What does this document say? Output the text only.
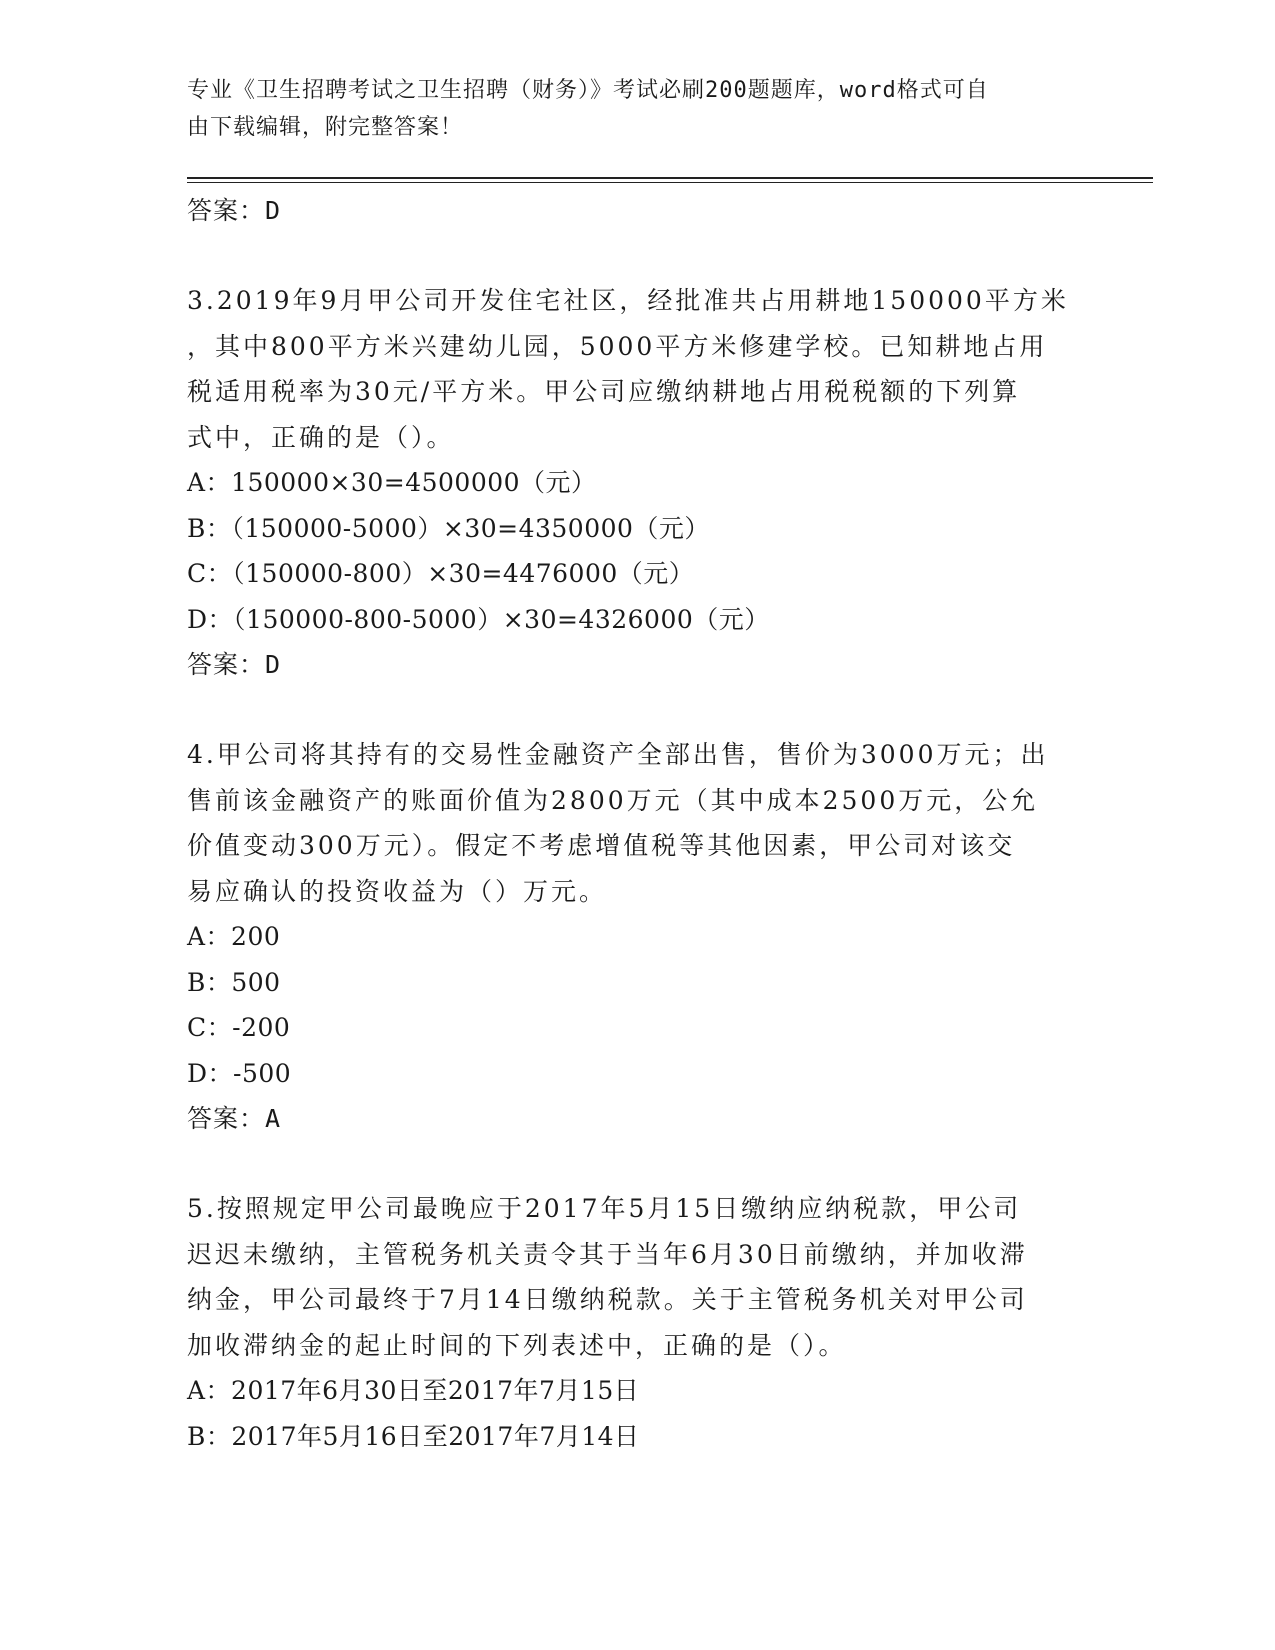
专业《卫生招聘考试之卫生招聘（财务）》考试必刷200题题库，word格式可自
由下载编辑，附完整答案！
答案：D
3.2019年9月甲公司开发住宅社区，经批准共占用耕地150000平方米
，其中800平方米兴建幼儿园，5000平方米修建学校。已知耕地占用
税适用税率为30元/平方米。甲公司应缴纳耕地占用税税额的下列算
式中，正确的是（）。
A：150000×30=4500000（元）
B：（150000-5000）×30=4350000（元）
C：（150000-800）×30=4476000（元）
D：（150000-800-5000）×30=4326000（元）
答案：D
4.甲公司将其持有的交易性金融资产全部出售，售价为3000万元；出
售前该金融资产的账面价值为2800万元（其中成本2500万元，公允
价值变动300万元）。假定不考虑增值税等其他因素，甲公司对该交
易应确认的投资收益为（）万元。
A：200
B：500
C：-200
D：-500
答案：A
5.按照规定甲公司最晚应于2017年5月15日缴纳应纳税款，甲公司
迟迟未缴纳，主管税务机关责令其于当年6月30日前缴纳，并加收滞
纳金，甲公司最终于7月14日缴纳税款。关于主管税务机关对甲公司
加收滞纳金的起止时间的下列表述中，正确的是（）。
A：2017年6月30日至2017年7月15日
B：2017年5月16日至2017年7月14日
